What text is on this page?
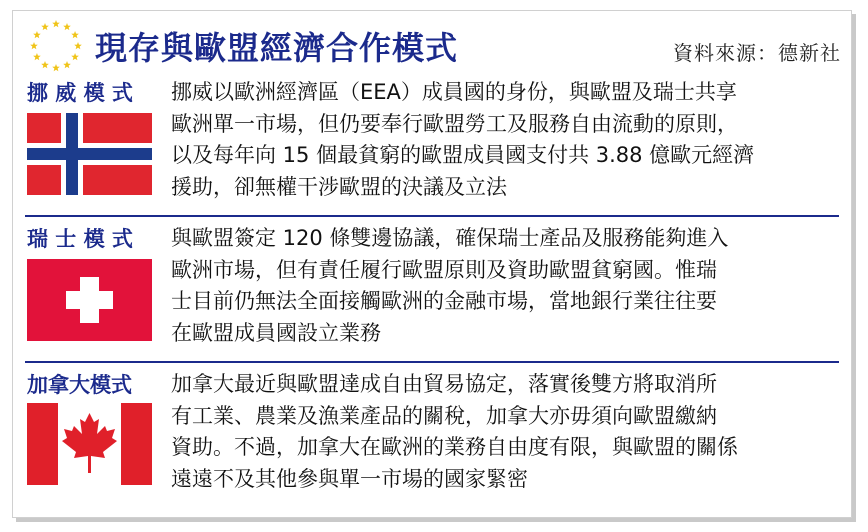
現存與歐盟經濟合作模式	資料來源：德新社
挪 威 模 式 挪威以歐洲經濟區（EEA）成員國的身份，與歐盟及瑞士共享
歐洲單一市場，但仍要奉行歐盟勞工及服務自由流動的原則，
以及每年向 15 個最貧窮的歐盟成員國支付共 3.88 億歐元經濟
援助，卻無權干涉歐盟的決議及立法
瑞 士 模 式 與歐盟簽定 120 條雙邊協議，確保瑞士產品及服務能夠進入
歐洲市場，但有責任履行歐盟原則及資助歐盟貧窮國。惟瑞
士目前仍無法全面接觸歐洲的金融市場，當地銀行業往往要
在歐盟成員國設立業務
加拿大模式 加拿大最近與歐盟達成自由貿易協定，落實後雙方將取消所
有工業、農業及漁業產品的關稅，加拿大亦毋須向歐盟繳納
資助。不過，加拿大在歐洲的業務自由度有限，與歐盟的關係
遠遠不及其他參與單一市場的國家緊密
